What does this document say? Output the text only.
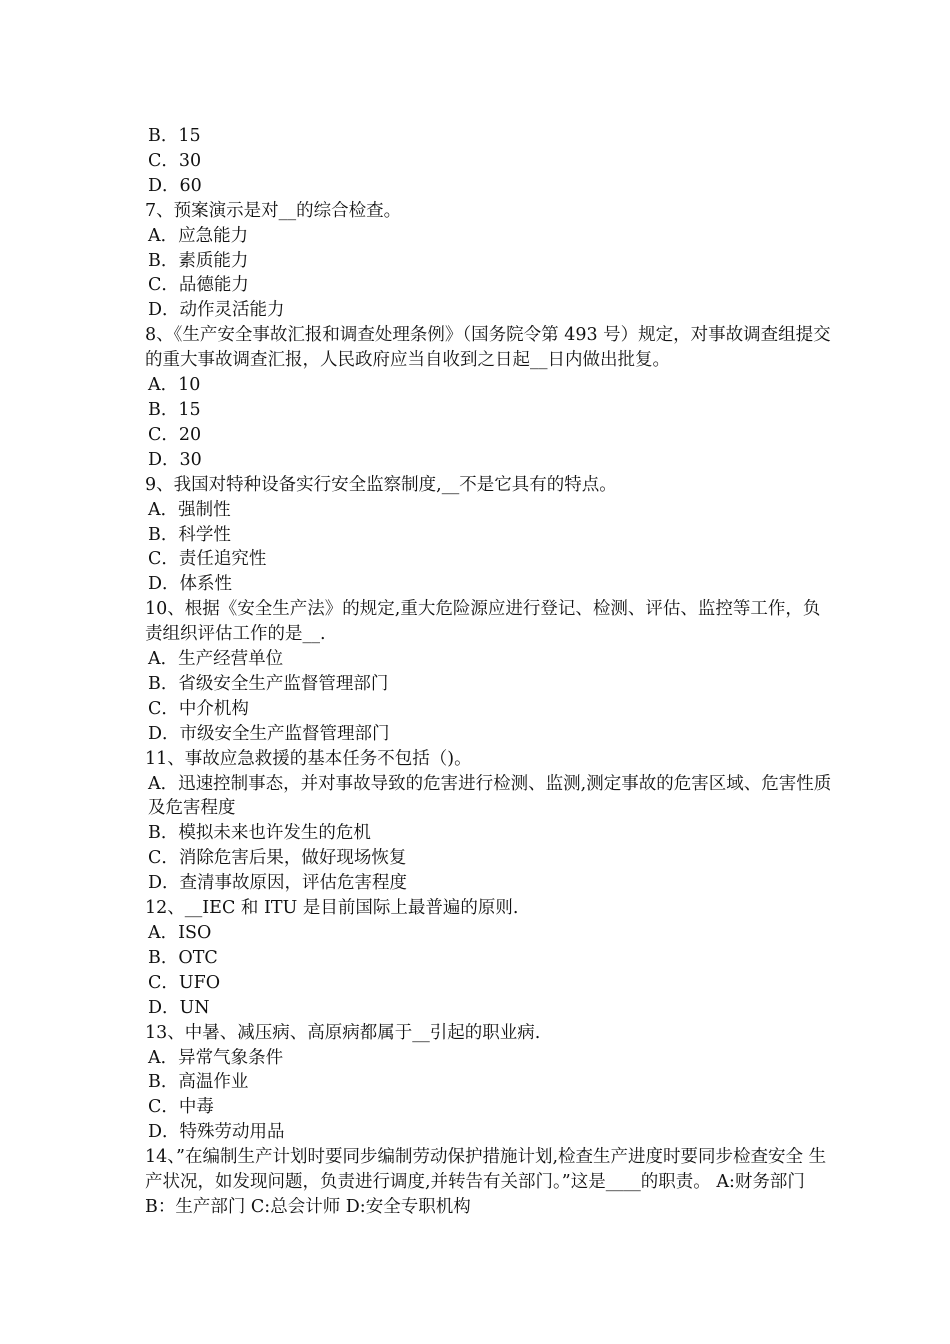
B．15
C．30
D．60
7、预案演示是对__的综合检查。
A．应急能力
B．素质能力
C．品德能力
D．动作灵活能力
8、《生产安全事故汇报和调查处理条例》（国务院令第 493 号）规定，对事故调查组提交的重大事故调查汇报，人民政府应当自收到之日起__日内做出批复。
A．10
B．15
C．20
D．30
9、我国对特种设备实行安全监察制度,__不是它具有的特点。
A．强制性
B．科学性
C．责任追究性
D．体系性
10、根据《安全生产法》的规定,重大危险源应进行登记、检测、评估、监控等工作，负责组织评估工作的是__.
A．生产经营单位
B．省级安全生产监督管理部门
C．中介机构
D．市级安全生产监督管理部门
11、事故应急救援的基本任务不包括（)。
A．迅速控制事态，并对事故导致的危害进行检测、监测,测定事故的危害区域、危害性质及危害程度
B．模拟未来也许发生的危机
C．消除危害后果，做好现场恢复
D．查清事故原因，评估危害程度
12、__IEC 和 ITU 是目前国际上最普遍的原则.
A．ISO
B．OTC
C．UFO
D．UN
13、中暑、减压病、高原病都属于__引起的职业病.
A．异常气象条件
B．高温作业
C．中毒
D．特殊劳动用品
14、”在编制生产计划时要同步编制劳动保护措施计划,检查生产进度时要同步检查安全 生产状况，如发现问题，负责进行调度,并转告有关部门。”这是____的职责。 A:财务部门 B：生产部门 C:总会计师 D:安全专职机构
